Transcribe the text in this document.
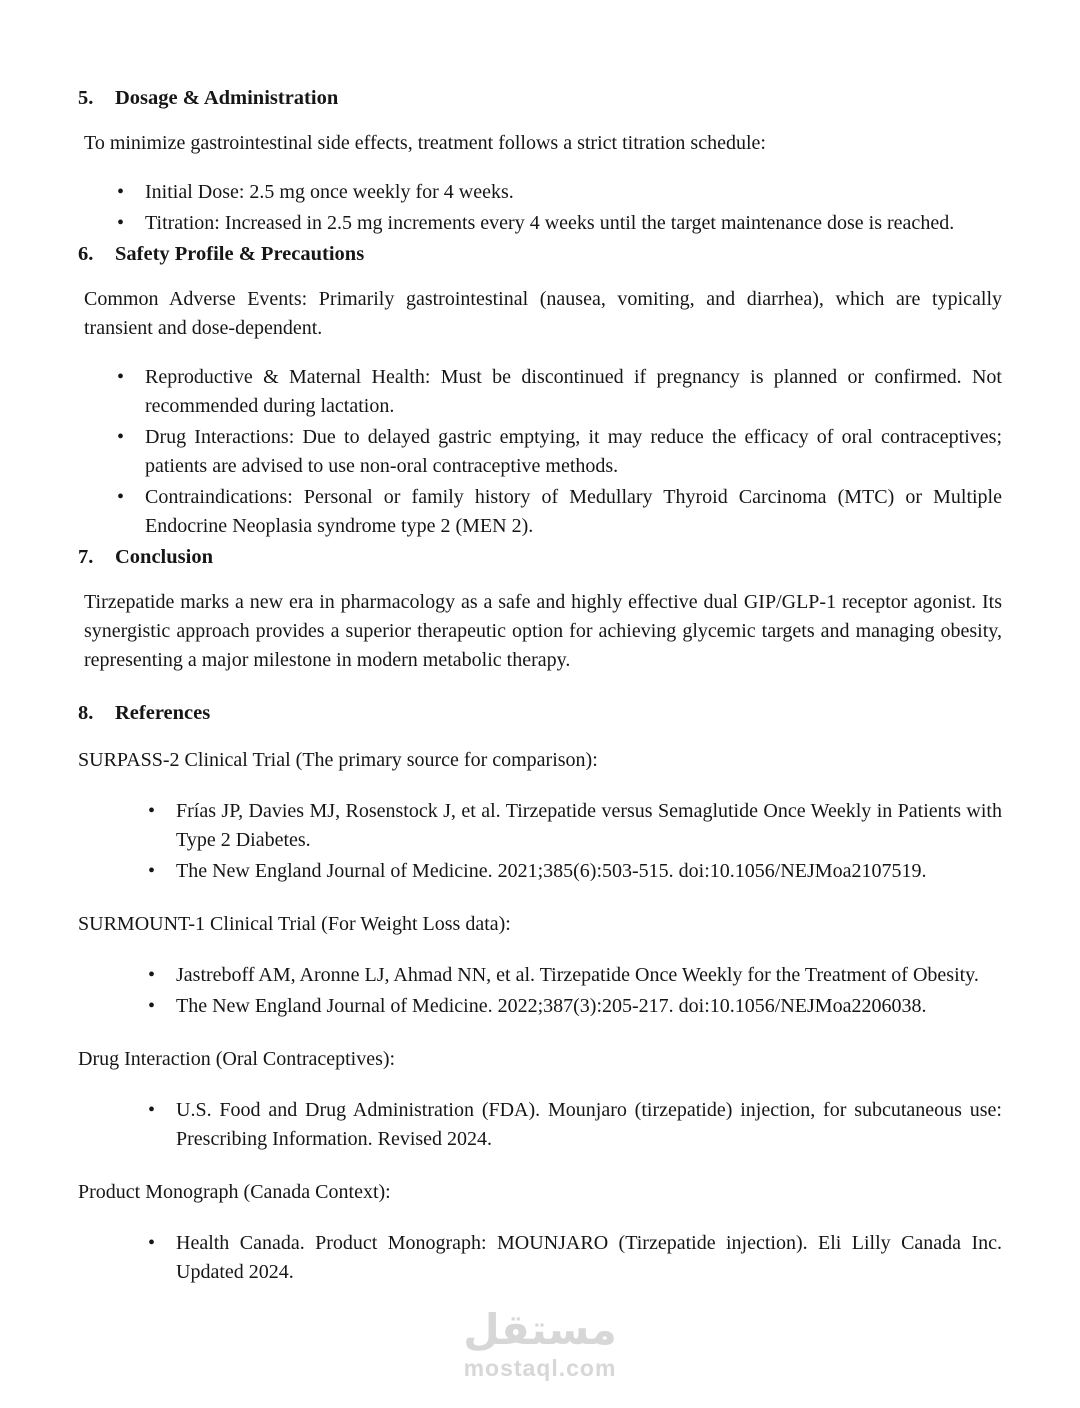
5. Dosage & Administration

To minimize gastrointestinal side effects, treatment follows a strict titration schedule:

• Initial Dose: 2.5 mg once weekly for 4 weeks.
• Titration: Increased in 2.5 mg increments every 4 weeks until the target maintenance dose is reached.
6. Safety Profile & Precautions

Common Adverse Events: Primarily gastrointestinal (nausea, vomiting, and diarrhea), which are typically transient and dose-dependent.

• Reproductive & Maternal Health: Must be discontinued if pregnancy is planned or confirmed. Not recommended during lactation.
• Drug Interactions: Due to delayed gastric emptying, it may reduce the efficacy of oral contraceptives; patients are advised to use non-oral contraceptive methods.
• Contraindications: Personal or family history of Medullary Thyroid Carcinoma (MTC) or Multiple Endocrine Neoplasia syndrome type 2 (MEN 2).
7. Conclusion

Tirzepatide marks a new era in pharmacology as a safe and highly effective dual GIP/GLP-1 receptor agonist. Its synergistic approach provides a superior therapeutic option for achieving glycemic targets and managing obesity, representing a major milestone in modern metabolic therapy.

8. References

SURPASS-2 Clinical Trial (The primary source for comparison):

• Frías JP, Davies MJ, Rosenstock J, et al. Tirzepatide versus Semaglutide Once Weekly in Patients with Type 2 Diabetes.
• The New England Journal of Medicine. 2021;385(6):503-515. doi:10.1056/NEJMoa2107519.

SURMOUNT-1 Clinical Trial (For Weight Loss data):

• Jastreboff AM, Aronne LJ, Ahmad NN, et al. Tirzepatide Once Weekly for the Treatment of Obesity.
• The New England Journal of Medicine. 2022;387(3):205-217. doi:10.1056/NEJMoa2206038.

Drug Interaction (Oral Contraceptives):

• U.S. Food and Drug Administration (FDA). Mounjaro (tirzepatide) injection, for subcutaneous use: Prescribing Information. Revised 2024.

Product Monograph (Canada Context):

• Health Canada. Product Monograph: MOUNJARO (Tirzepatide injection). Eli Lilly Canada Inc. Updated 2024.
مستقل
mostaql.com
